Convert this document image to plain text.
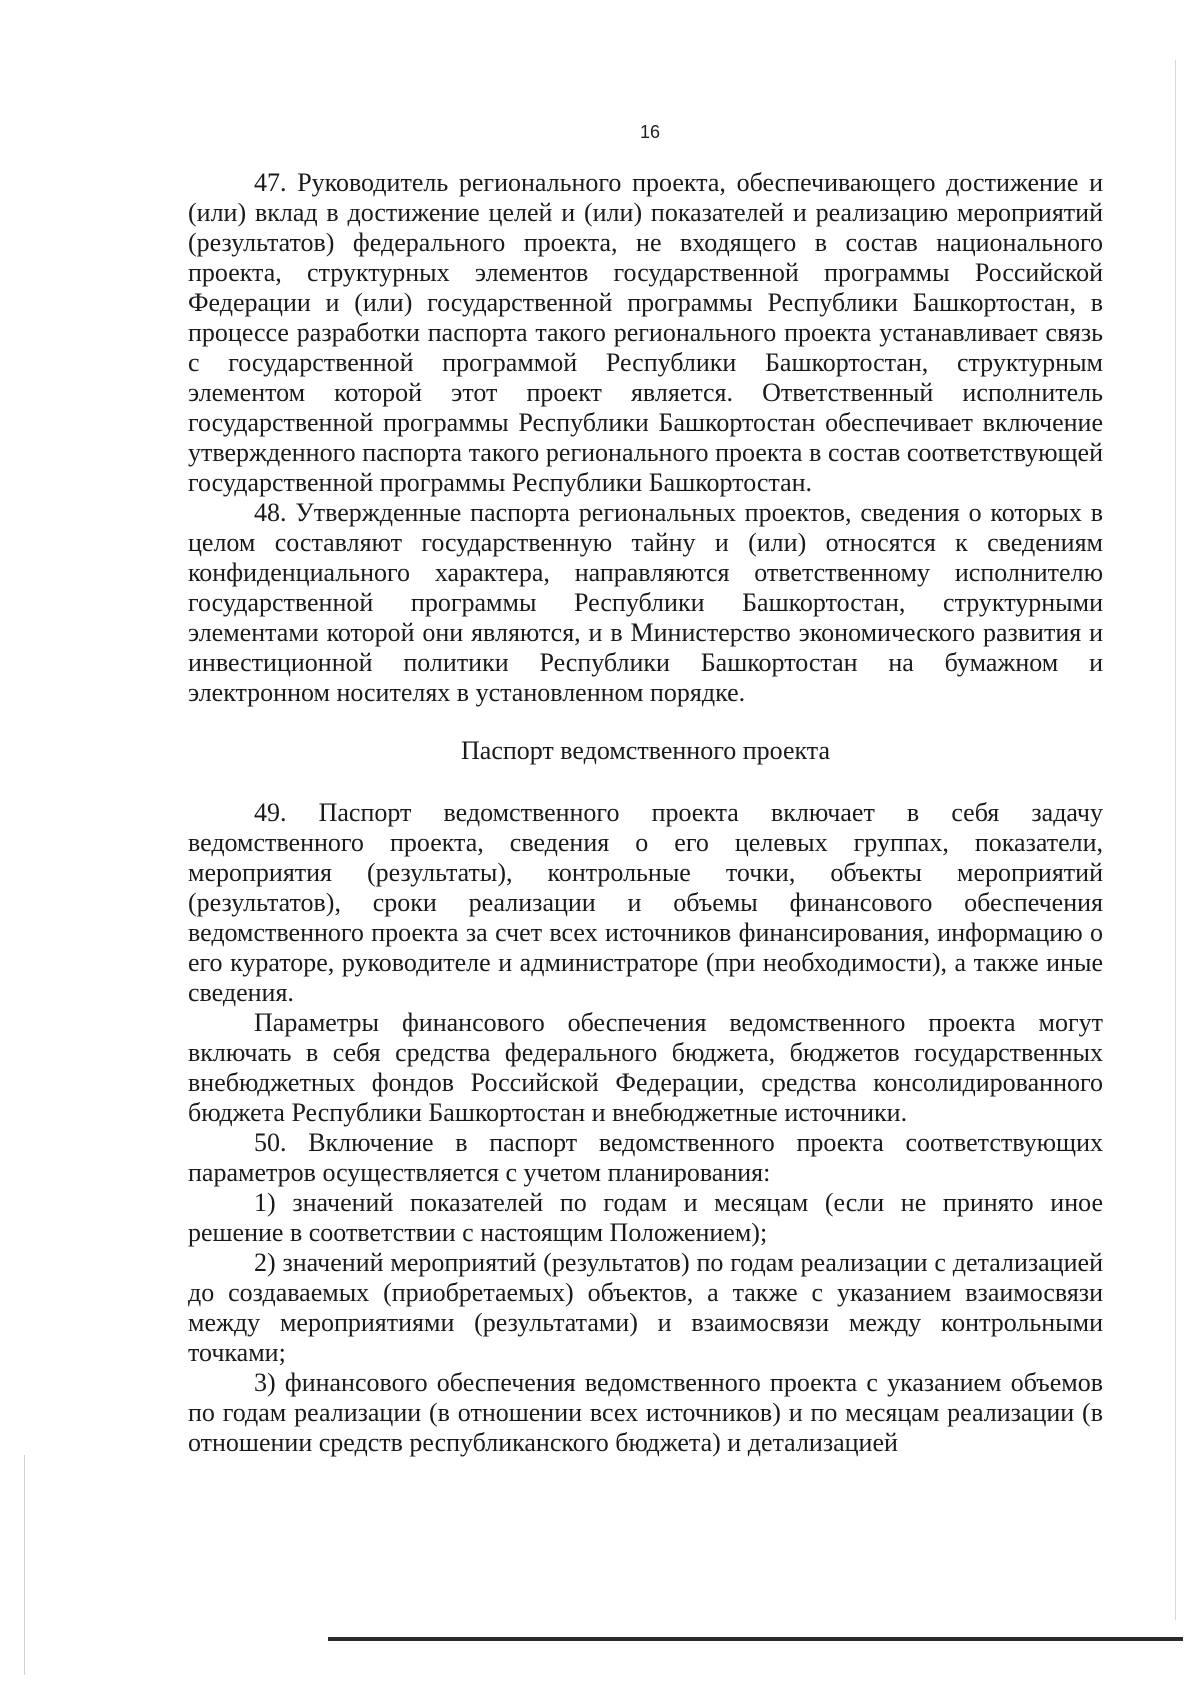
16

47. Руководитель регионального проекта, обеспечивающего достижение и (или) вклад в достижение целей и (или) показателей и реализацию мероприятий (результатов) федерального проекта, не входящего в состав национального проекта, структурных элементов государственной программы Российской Федерации и (или) государственной программы Республики Башкортостан, в процессе разработки паспорта такого регионального проекта устанавливает связь с государственной программой Республики Башкортостан, структурным элементом которой этот проект является. Ответственный исполнитель государственной программы Республики Башкортостан обеспечивает включение утвержденного паспорта такого регионального проекта в состав соответствующей государственной программы Республики Башкортостан.

48. Утвержденные паспорта региональных проектов, сведения о которых в целом составляют государственную тайну и (или) относятся к сведениям конфиденциального характера, направляются ответственному исполнителю государственной программы Республики Башкортостан, структурными элементами которой они являются, и в Министерство экономического развития и инвестиционной политики Республики Башкортостан на бумажном и электронном носителях в установленном порядке.

Паспорт ведомственного проекта

49. Паспорт ведомственного проекта включает в себя задачу ведомственного проекта, сведения о его целевых группах, показатели, мероприятия (результаты), контрольные точки, объекты мероприятий (результатов), сроки реализации и объемы финансового обеспечения ведомственного проекта за счет всех источников финансирования, информацию о его кураторе, руководителе и администраторе (при необходимости), а также иные сведения.

Параметры финансового обеспечения ведомственного проекта могут включать в себя средства федерального бюджета, бюджетов государственных внебюджетных фондов Российской Федерации, средства консолидированного бюджета Республики Башкортостан и внебюджетные источники.

50. Включение в паспорт ведомственного проекта соответствующих параметров осуществляется с учетом планирования:

1) значений показателей по годам и месяцам (если не принято иное решение в соответствии с настоящим Положением);

2) значений мероприятий (результатов) по годам реализации с детализацией до создаваемых (приобретаемых) объектов, а также с указанием взаимосвязи между мероприятиями (результатами) и взаимосвязи между контрольными точками;

3) финансового обеспечения ведомственного проекта с указанием объемов по годам реализации (в отношении всех источников) и по месяцам реализации (в отношении средств республиканского бюджета) и детализацией
